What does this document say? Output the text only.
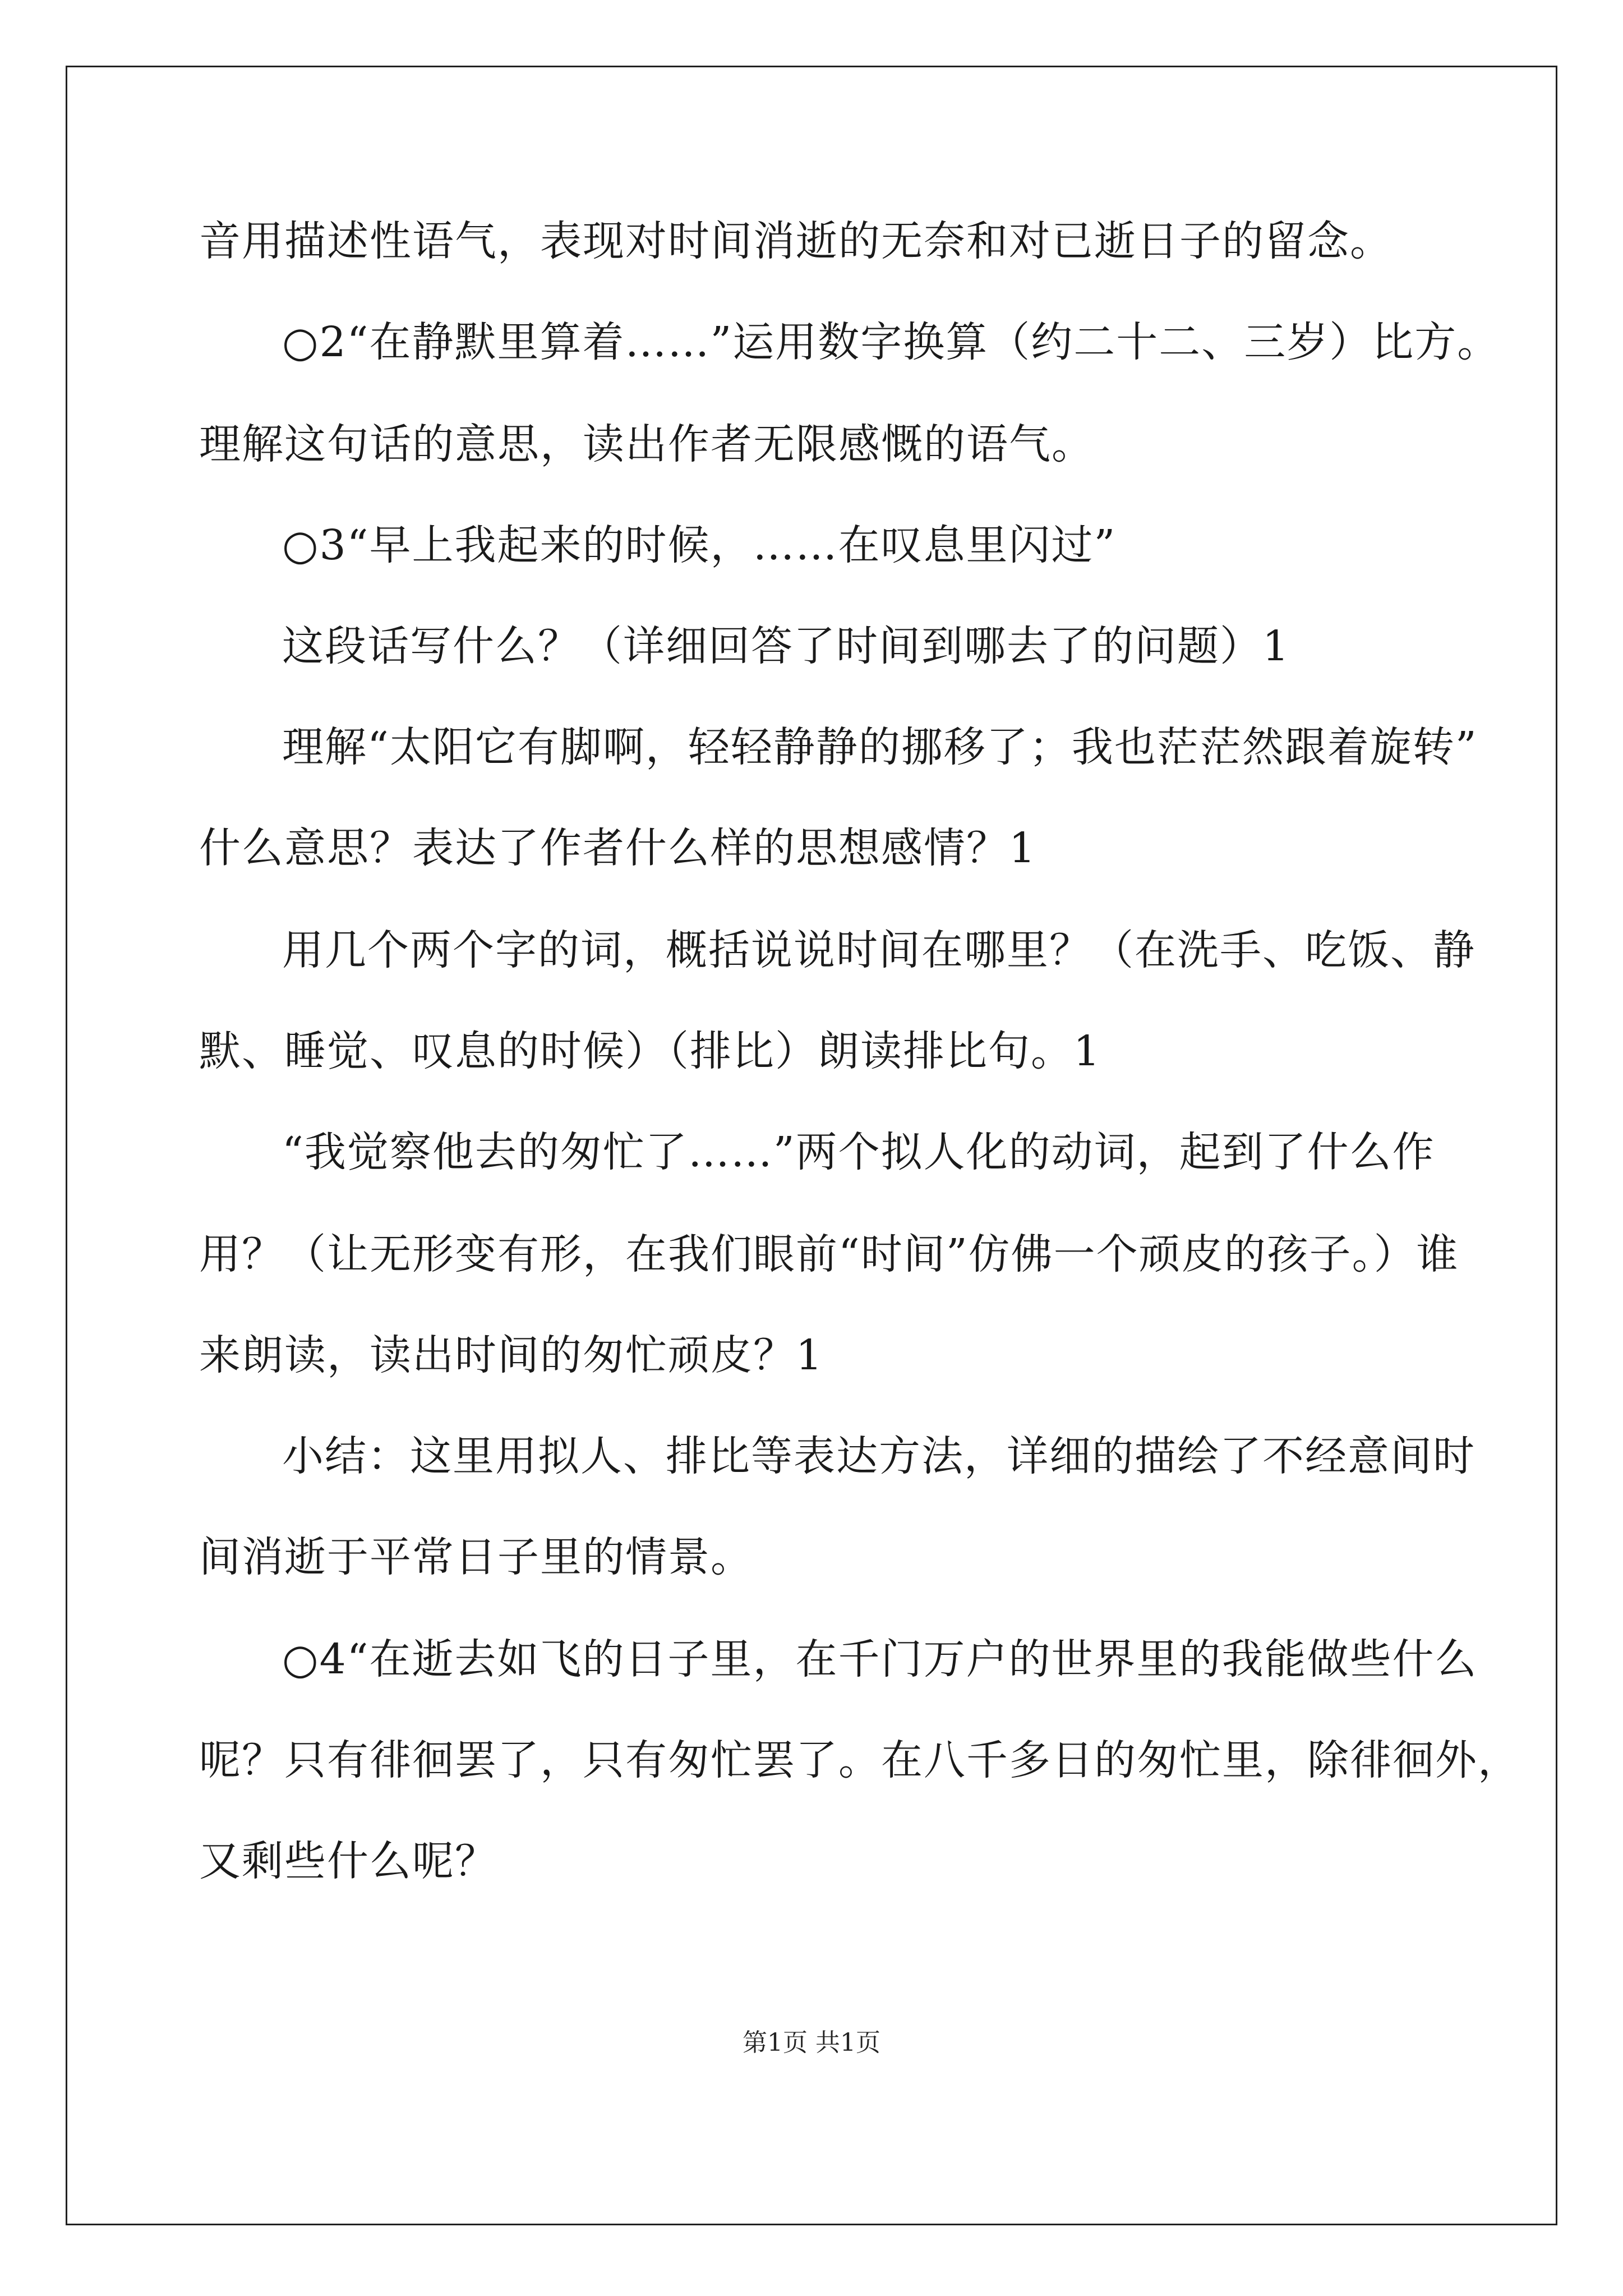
音用描述性语气，表现对时间消逝的无奈和对已逝日子的留念。
○2“在静默里算着……”运用数字换算（约二十二、三岁）比方。
理解这句话的意思，读出作者无限感慨的语气。
○3“早上我起来的时候，……在叹息里闪过”
这段话写什么？（详细回答了时间到哪去了的问题）1
理解“太阳它有脚啊，轻轻静静的挪移了；我也茫茫然跟着旋转”
什么意思？表达了作者什么样的思想感情？1
用几个两个字的词，概括说说时间在哪里？（在洗手、吃饭、静
默、睡觉、叹息的时候）（排比）朗读排比句。1
“我觉察他去的匆忙了……”两个拟人化的动词，起到了什么作
用？（让无形变有形，在我们眼前“时间”仿佛一个顽皮的孩子。）谁
来朗读，读出时间的匆忙顽皮？1
小结：这里用拟人、排比等表达方法，详细的描绘了不经意间时
间消逝于平常日子里的情景。
○4“在逝去如飞的日子里，在千门万户的世界里的我能做些什么
呢？只有徘徊罢了，只有匆忙罢了。在八千多日的匆忙里，除徘徊外，
又剩些什么呢？
第1页 共1页
